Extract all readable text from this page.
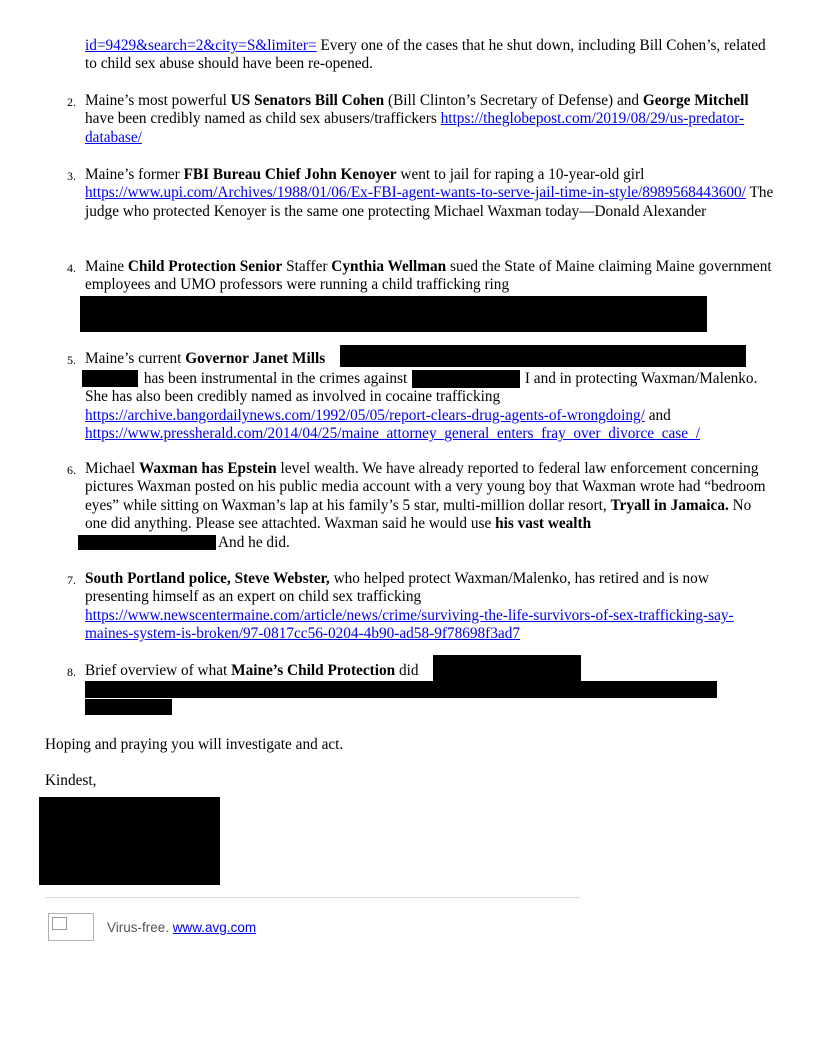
id=9429&search=2&city=S&limiter= Every one of the cases that he shut down, including Bill Cohen’s, related to child sex abuse should have been re-opened.
2. Maine’s most powerful US Senators Bill Cohen (Bill Clinton’s Secretary of Defense) and George Mitchell have been credibly named as child sex abusers/traffickers https://theglobepost.com/2019/08/29/us-predator-database/
3. Maine’s former FBI Bureau Chief John Kenoyer went to jail for raping a 10-year-old girl https://www.upi.com/Archives/1988/01/06/Ex-FBI-agent-wants-to-serve-jail-time-in-style/8989568443600/ The judge who protected Kenoyer is the same one protecting Michael Waxman today—Donald Alexander
4. Maine Child Protection Senior Staffer Cynthia Wellman sued the State of Maine claiming Maine government employees and UMO professors were running a child trafficking ring
5. Maine’s current Governor Janet Mills
has been instrumental in the crimes against	I and in protecting Waxman/Malenko. She has also been credibly named as involved in cocaine trafficking https://archive.bangordailynews.com/1992/05/05/report-clears-drug-agents-of-wrongdoing/ and https://www.pressherald.com/2014/04/25/maine_attorney_general_enters_fray_over_divorce_case_/
6. Michael Waxman has Epstein level wealth. We have already reported to federal law enforcement concerning pictures Waxman posted on his public media account with a very young boy that Waxman wrote had “bedroom eyes” while sitting on Waxman’s lap at his family’s 5 star, multi-million dollar resort, Tryall in Jamaica. No one did anything. Please see attachted. Waxman said he would use his vast wealth
And he did.
7. South Portland police, Steve Webster, who helped protect Waxman/Malenko, has retired and is now presenting himself as an expert on child sex trafficking https://www.newscentermaine.com/article/news/crime/surviving-the-life-survivors-of-sex-trafficking-say-maines-system-is-broken/97-0817cc56-0204-4b90-ad58-9f78698f3ad7
8. Brief overview of what Maine’s Child Protection did
Hoping and praying you will investigate and act.
Kindest,
Virus-free.
www.avg.com
